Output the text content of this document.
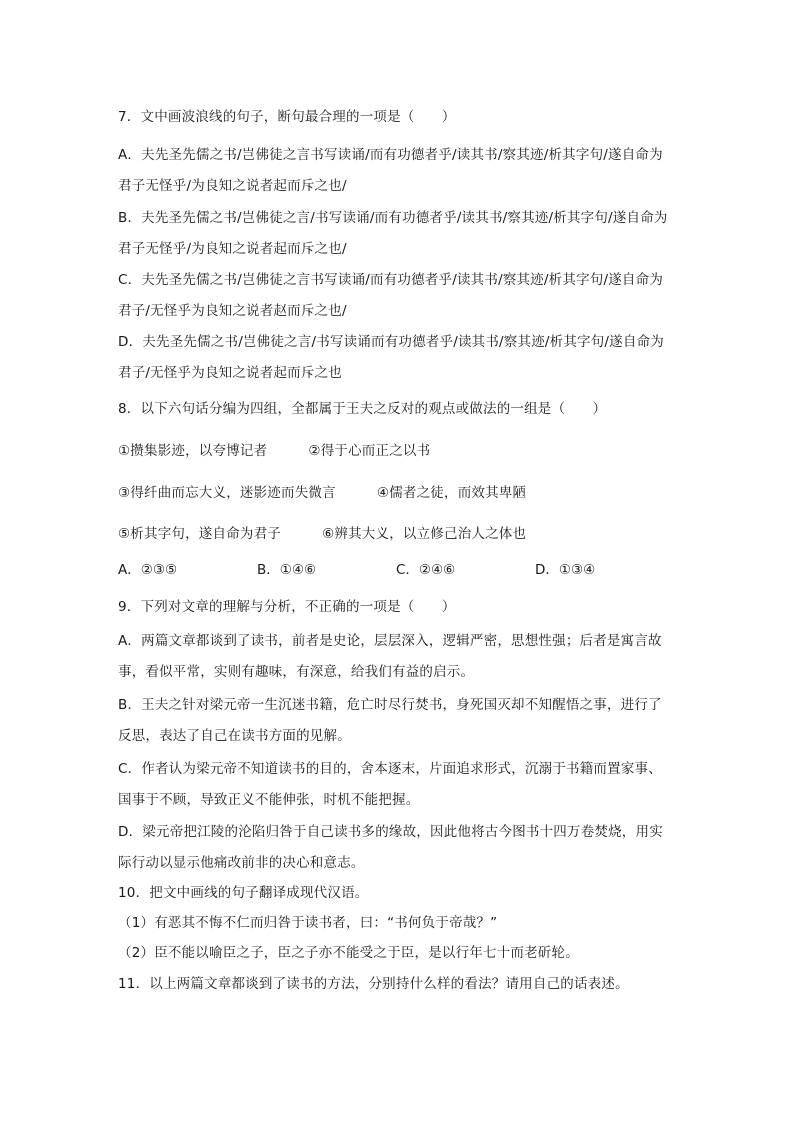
7．文中画波浪线的句子，断句最合理的一项是（　　）
A．夫先圣先儒之书/岂佛徒之言书写读诵/而有功德者乎/读其书/察其迹/析其字句/遂自命为
君子无怪乎/为良知之说者起而斥之也/
B．夫先圣先儒之书/岂佛徒之言/书写读诵/而有功德者乎/读其书/察其迹/析其字句/遂自命为
君子无怪乎/为良知之说者起而斥之也/
C．夫先圣先儒之书/岂佛徒之言书写读诵/而有功德者乎/读其书/察其迹/析其字句/遂自命为
君子/无怪乎为良知之说者赵而斥之也/
D．夫先圣先儒之书/岂佛徒之言/书写读诵而有功德者乎/读其书/察其迹/析其字句/遂自命为
君子/无怪乎为良知之说者起而斥之也
8．以下六句话分编为四组，全都属于王夫之反对的观点或做法的一组是（　　）
①攒集影迹，以夸博记者　　　②得于心而正之以书
③得纤曲而忘大义，迷影迹而失微言　　　④儒者之徒，而效其卑陋
⑤析其字句，遂自命为君子　　　⑥辨其大义，以立修己治人之体也
A．②③⑤	B．①④⑥	C．②④⑥	D．①③④
9．下列对文章的理解与分析，不正确的一项是（　　）
A．两篇文章都谈到了读书，前者是史论，层层深入，逻辑严密，思想性强；后者是寓言故
事，看似平常，实则有趣味，有深意，给我们有益的启示。
B．王夫之针对梁元帝一生沉迷书籍，危亡时尽行焚书，身死国灭却不知醒悟之事，进行了
反思，表达了自己在读书方面的见解。
C．作者认为梁元帝不知道读书的目的，舍本逐末，片面追求形式，沉溺于书籍而置家事、
国事于不顾，导致正义不能伸张，时机不能把握。
D．梁元帝把江陵的沦陷归咎于自己读书多的缘故，因此他将古今图书十四万卷焚烧，用实
际行动以显示他痛改前非的决心和意志。
10．把文中画线的句子翻译成现代汉语。
（1）有恶其不悔不仁而归咎于读书者，曰：“书何负于帝哉？”
（2）臣不能以喻臣之子，臣之子亦不能受之于臣，是以行年七十而老斫轮。
11．以上两篇文章都谈到了读书的方法，分别持什么样的看法？请用自己的话表述。
